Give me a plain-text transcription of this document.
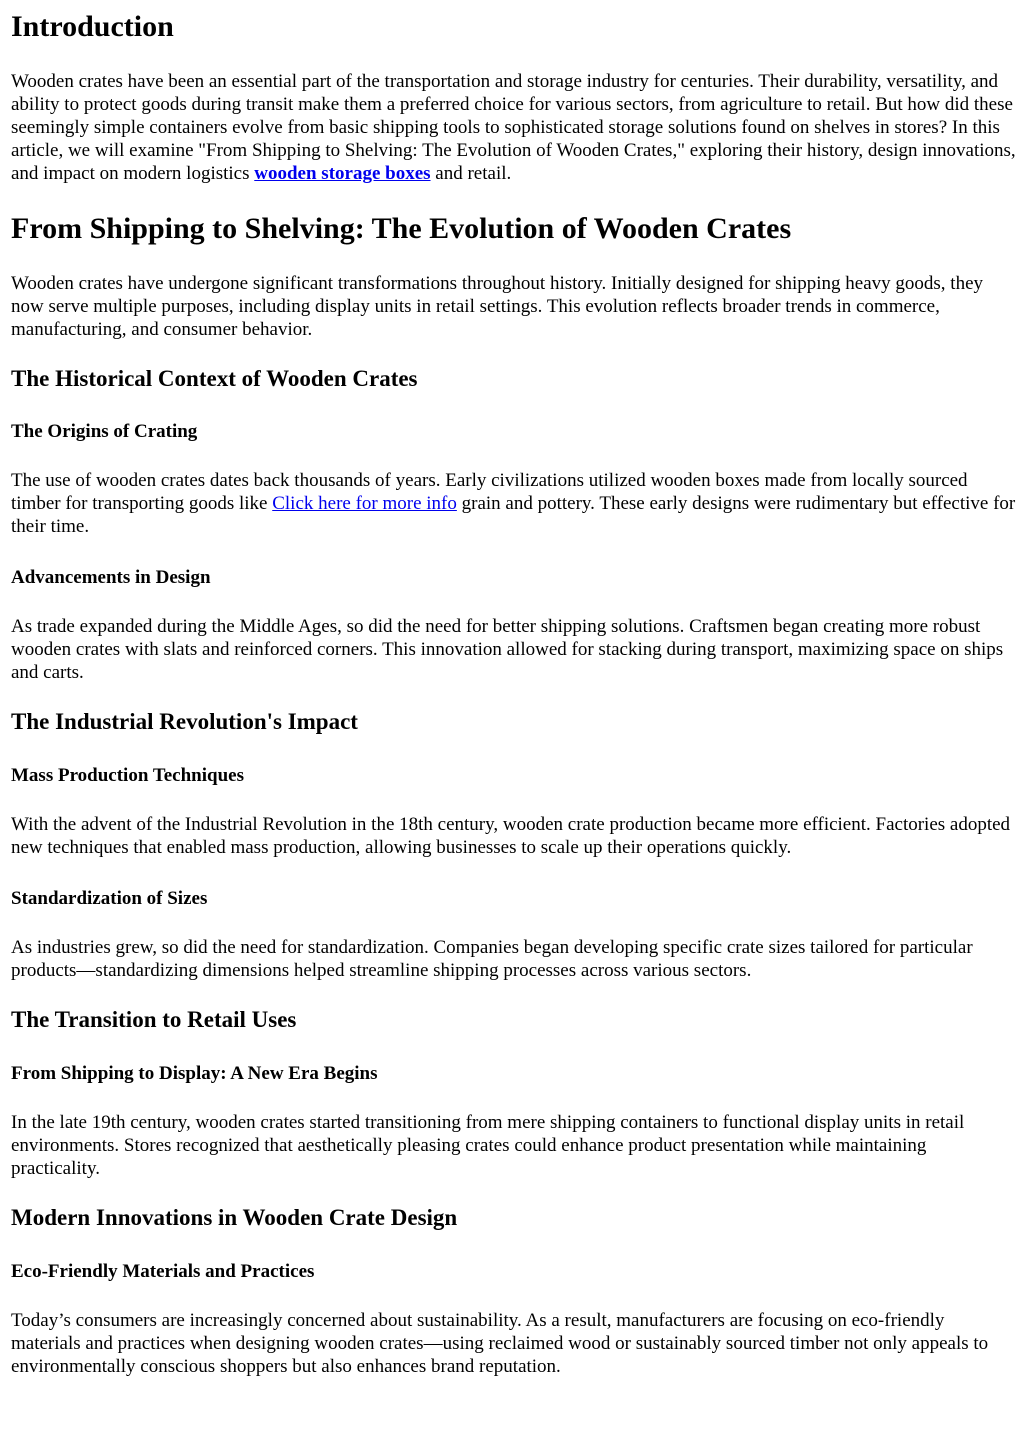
Introduction

Wooden crates have been an essential part of the transportation and storage industry for centuries. Their durability, versatility, and ability to protect goods during transit make them a preferred choice for various sectors, from agriculture to retail. But how did these seemingly simple containers evolve from basic shipping tools to sophisticated storage solutions found on shelves in stores? In this article, we will examine "From Shipping to Shelving: The Evolution of Wooden Crates," exploring their history, design innovations, and impact on modern logistics wooden storage boxes and retail.

From Shipping to Shelving: The Evolution of Wooden Crates

Wooden crates have undergone significant transformations throughout history. Initially designed for shipping heavy goods, they now serve multiple purposes, including display units in retail settings. This evolution reflects broader trends in commerce, manufacturing, and consumer behavior.

The Historical Context of Wooden Crates
The Origins of Crating

The use of wooden crates dates back thousands of years. Early civilizations utilized wooden boxes made from locally sourced timber for transporting goods like Click here for more info grain and pottery. These early designs were rudimentary but effective for their time.

Advancements in Design

As trade expanded during the Middle Ages, so did the need for better shipping solutions. Craftsmen began creating more robust wooden crates with slats and reinforced corners. This innovation allowed for stacking during transport, maximizing space on ships and carts.

The Industrial Revolution's Impact
Mass Production Techniques

With the advent of the Industrial Revolution in the 18th century, wooden crate production became more efficient. Factories adopted new techniques that enabled mass production, allowing businesses to scale up their operations quickly.

Standardization of Sizes

As industries grew, so did the need for standardization. Companies began developing specific crate sizes tailored for particular products—standardizing dimensions helped streamline shipping processes across various sectors.

The Transition to Retail Uses
From Shipping to Display: A New Era Begins

In the late 19th century, wooden crates started transitioning from mere shipping containers to functional display units in retail environments. Stores recognized that aesthetically pleasing crates could enhance product presentation while maintaining practicality.

Modern Innovations in Wooden Crate Design
Eco-Friendly Materials and Practices

Today’s consumers are increasingly concerned about sustainability. As a result, manufacturers are focusing on eco-friendly materials and practices when designing wooden crates—using reclaimed wood or sustainably sourced timber not only appeals to environmentally conscious shoppers but also enhances brand reputation.
